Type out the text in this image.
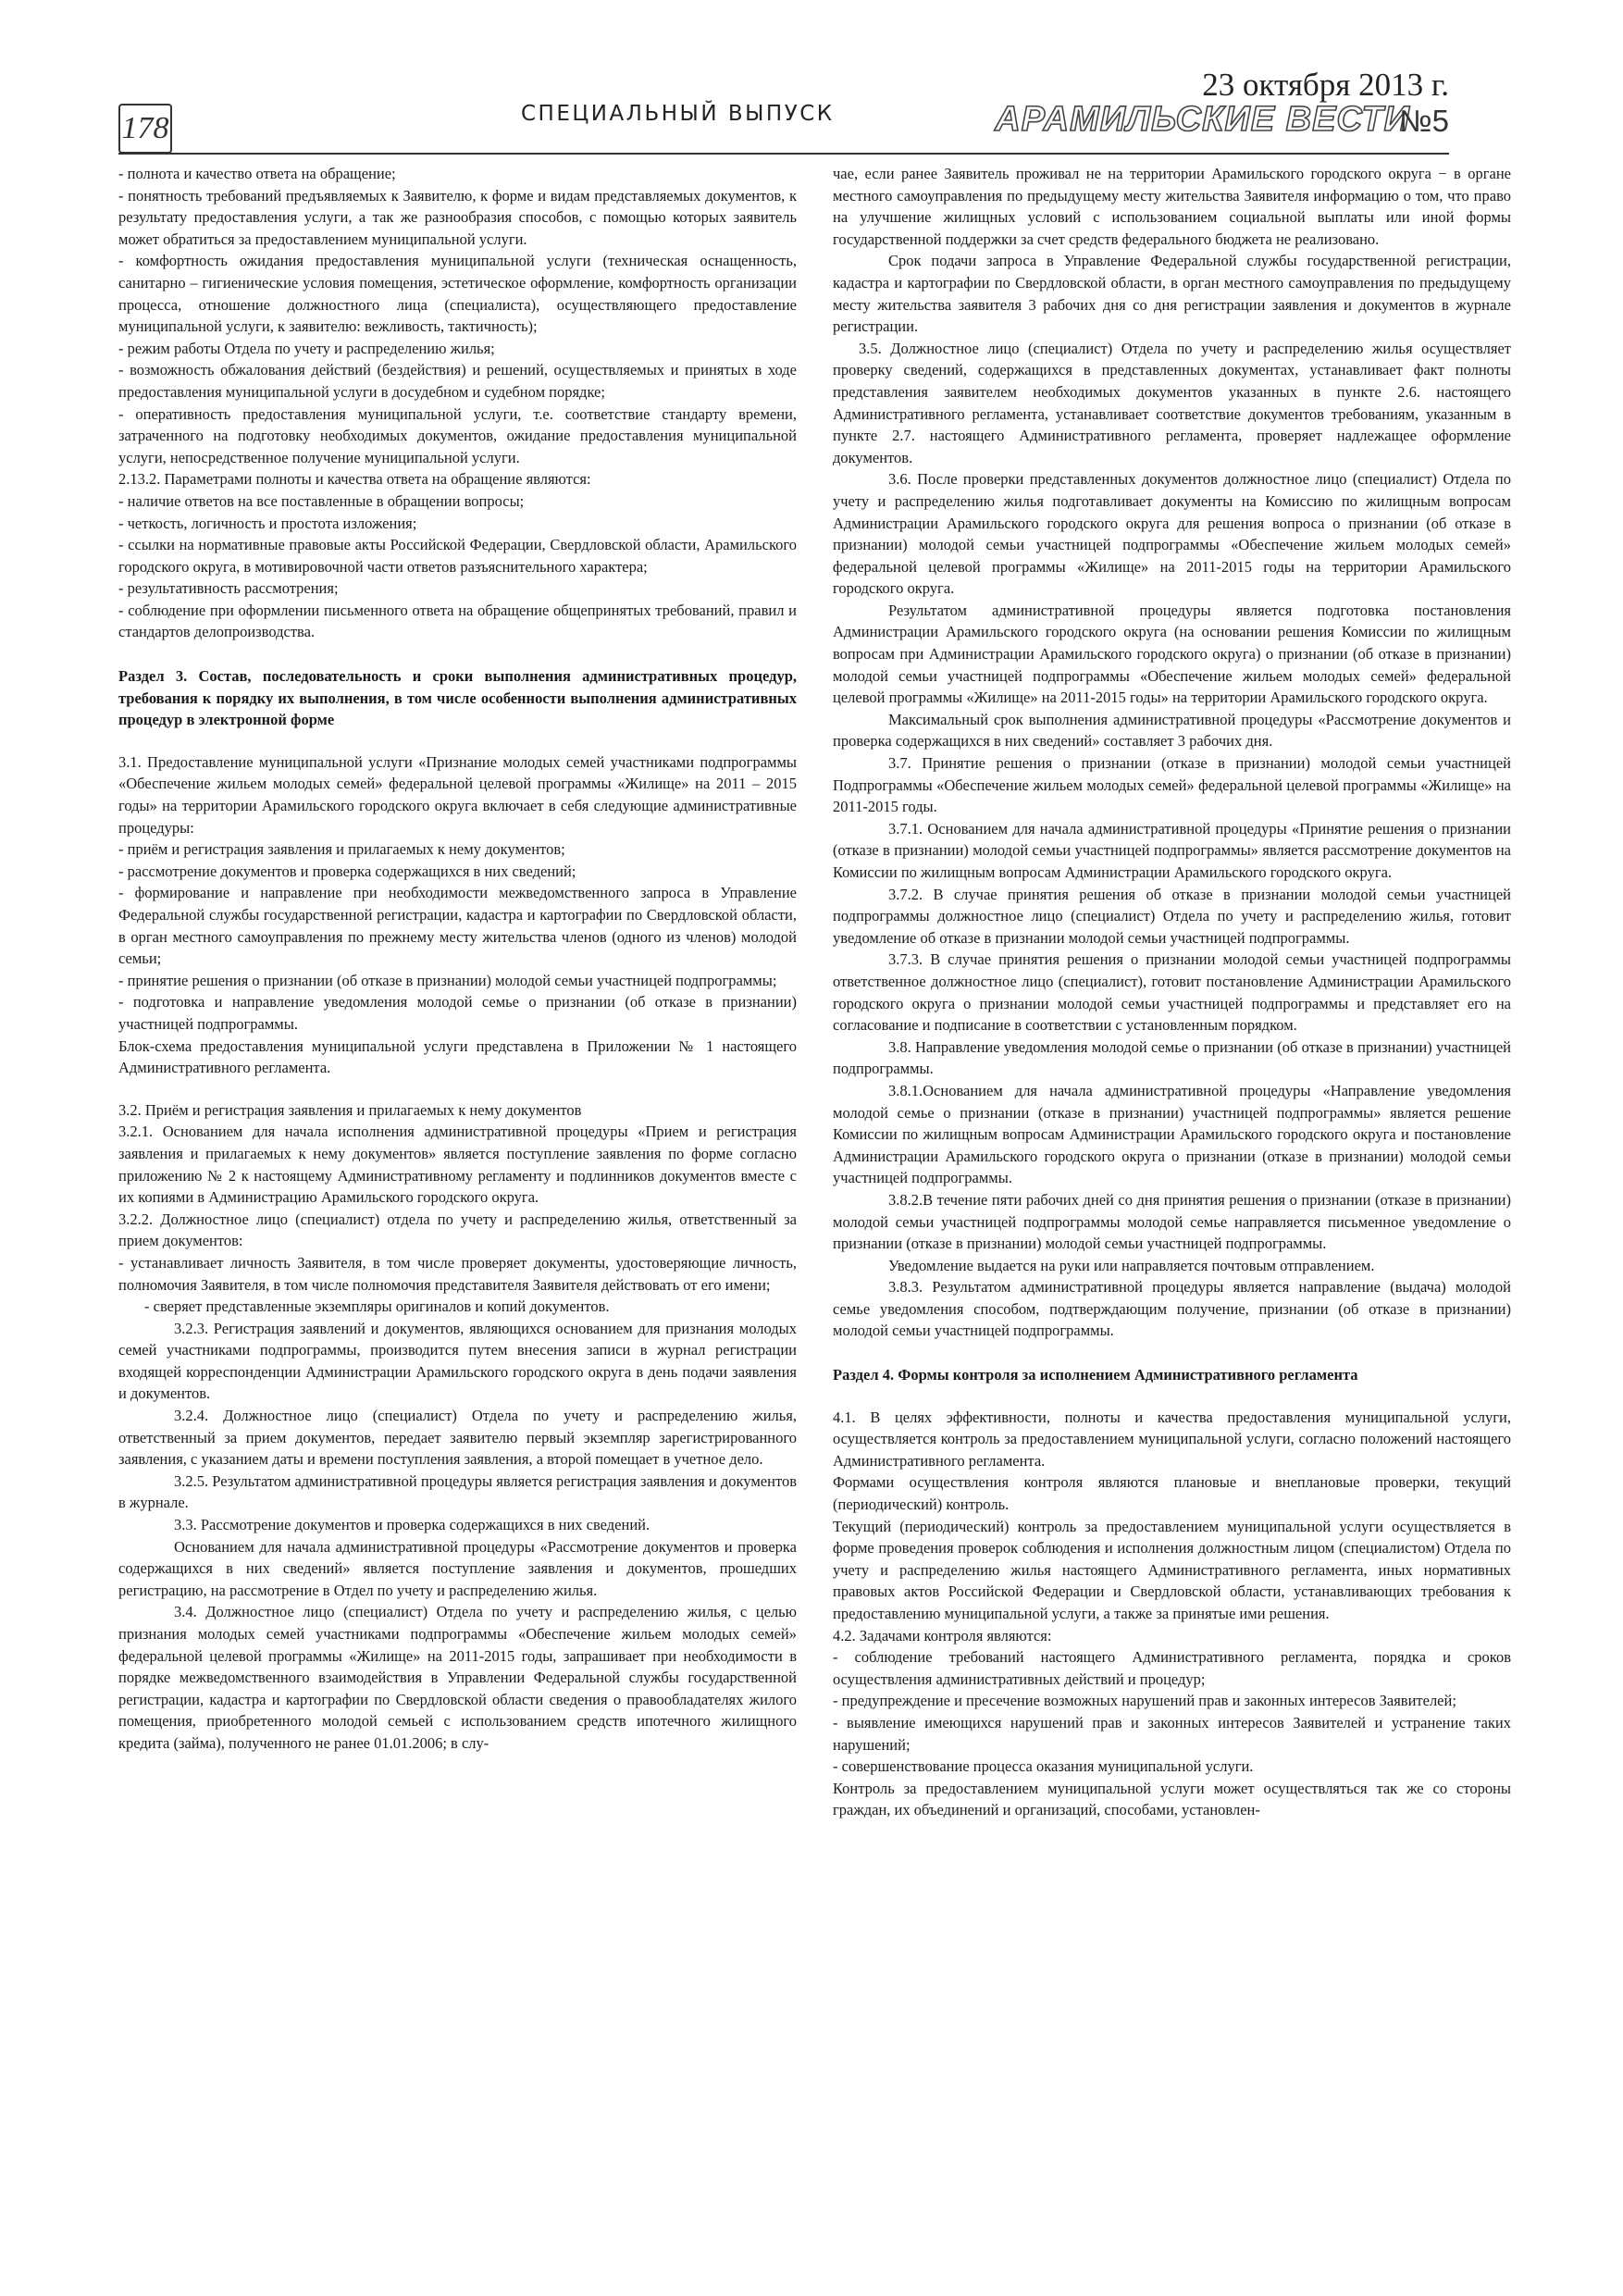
178	СПЕЦИАЛЬНЫЙ ВЫПУСК
23 октября 2013 г.
АРАМИЛЬСКИЕ ВЕСТИ
№5

- полнота и качество ответа на обращение;

- понятность требований предъявляемых к Заявителю, к форме и видам представляемых документов, к результату предоставления услуги, а так же разнообразия способов, с помощью которых заявитель может обратиться за предоставлением муниципальной услуги.

- комфортность ожидания предоставления муниципальной услуги (техническая оснащенность, санитарно – гигиенические условия помещения, эстетическое оформление, комфортность организации процесса, отношение должностного лица (специалиста), осуществляющего предоставление муниципальной услуги, к заявителю: вежливость, тактичность);

- режим работы Отдела по учету и распределению жилья;

- возможность обжалования действий (бездействия) и решений, осуществляемых и принятых в ходе предоставления муниципальной услуги в досудебном и судебном порядке;

- оперативность предоставления муниципальной услуги, т.е. соответствие стандарту времени, затраченного на подготовку необходимых документов, ожидание предоставления муниципальной услуги, непосредственное получение муниципальной услуги.

2.13.2. Параметрами полноты и качества ответа на обращение являются:

- наличие ответов на все поставленные в обращении вопросы;

- четкость, логичность и простота изложения;

- ссылки на нормативные правовые акты Российской Федерации, Свердловской области, Арамильского городского округа, в мотивировочной части ответов разъяснительного характера;

- результативность рассмотрения;

- соблюдение при оформлении письменного ответа на обращение общепринятых требований, правил и стандартов делопроизводства.

Раздел 3. Состав, последовательность и сроки выполнения административных процедур, требования к порядку их выполнения, в том числе особенности выполнения административных процедур в электронной форме

3.1. Предоставление муниципальной услуги «Признание молодых семей участниками подпрограммы «Обеспечение жильем молодых семей» федеральной целевой программы «Жилище» на 2011 – 2015 годы» на территории Арамильского городского округа включает в себя следующие административные процедуры:

- приём и регистрация заявления и прилагаемых к нему документов;

- рассмотрение документов и проверка содержащихся в них сведений;

- формирование и направление при необходимости межведомственного запроса в Управление Федеральной службы государственной регистрации, кадастра и картографии по Свердловской области, в орган местного самоуправления по прежнему месту жительства членов (одного из членов) молодой семьи;

- принятие решения о признании (об отказе в признании) молодой семьи участницей подпрограммы;

- подготовка и направление уведомления молодой семье о признании (об отказе в признании) участницей подпрограммы.

Блок-схема предоставления муниципальной услуги представлена в Приложении № 1 настоящего Административного регламента.

3.2. Приём и регистрация заявления и прилагаемых к нему документов

3.2.1. Основанием для начала исполнения административной процедуры «Прием и регистрация заявления и прилагаемых к нему документов» является поступление заявления по форме согласно приложению № 2 к настоящему Административному регламенту и подлинников документов вместе с их копиями в Администрацию Арамильского городского округа.

3.2.2. Должностное лицо (специалист) отдела по учету и распределению жилья, ответственный за прием документов:

- устанавливает личность Заявителя, в том числе проверяет документы, удостоверяющие личность, полномочия Заявителя, в том числе полномочия представителя Заявителя действовать от его имени;

- сверяет представленные экземпляры оригиналов и копий документов.

3.2.3. Регистрация заявлений и документов, являющихся основанием для признания молодых семей участниками подпрограммы, производится путем внесения записи в журнал регистрации входящей корреспонденции Администрации Арамильского городского округа в день подачи заявления и документов.

3.2.4. Должностное лицо (специалист) Отдела по учету и распределению жилья, ответственный за прием документов, передает заявителю первый экземпляр зарегистрированного заявления, с указанием даты и времени поступления заявления, а второй помещает в учетное дело.

3.2.5. Результатом административной процедуры является регистрация заявления и документов в журнале.

3.3. Рассмотрение документов и проверка содержащихся в них сведений.

Основанием для начала административной процедуры «Рассмотрение документов и проверка содержащихся в них сведений» является поступление заявления и документов, прошедших регистрацию, на рассмотрение в Отдел по учету и распределению жилья.

3.4. Должностное лицо (специалист) Отдела по учету и распределению жилья, с целью признания молодых семей участниками подпрограммы «Обеспечение жильем молодых семей» федеральной целевой программы «Жилище» на 2011-2015 годы, запрашивает при необходимости в порядке межведомственного взаимодействия в Управлении Федеральной службы государственной регистрации, кадастра и картографии по Свердловской области сведения о правообладателях жилого помещения, приобретенного молодой семьей с использованием средств ипотечного жилищного кредита (займа), полученного не ранее 01.01.2006; в слу-

чае, если ранее Заявитель проживал не на территории Арамильского городского округа − в органе местного самоуправления по предыдущему месту жительства Заявителя информацию о том, что право на улучшение жилищных условий с использованием социальной выплаты или иной формы государственной поддержки за счет средств федерального бюджета не реализовано.

Срок подачи запроса в Управление Федеральной службы государственной регистрации, кадастра и картографии по Свердловской области, в орган местного самоуправления по предыдущему месту жительства заявителя 3 рабочих дня со дня регистрации заявления и документов в журнале регистрации.

3.5. Должностное лицо (специалист) Отдела по учету и распределению жилья осуществляет проверку сведений, содержащихся в представленных документах, устанавливает факт полноты представления заявителем необходимых документов указанных в пункте 2.6. настоящего Административного регламента, устанавливает соответствие документов требованиям, указанным в пункте 2.7. настоящего Административного регламента, проверяет надлежащее оформление документов.

3.6. После проверки представленных документов должностное лицо (специалист) Отдела по учету и распределению жилья подготавливает документы на Комиссию по жилищным вопросам Администрации Арамильского городского округа для решения вопроса о признании (об отказе в признании) молодой семьи участницей подпрограммы «Обеспечение жильем молодых семей» федеральной целевой программы «Жилище» на 2011-2015 годы на территории Арамильского городского округа.

Результатом административной процедуры является подготовка постановления Администрации Арамильского городского округа (на основании решения Комиссии по жилищным вопросам при Администрации Арамильского городского округа) о признании (об отказе в признании) молодой семьи участницей подпрограммы «Обеспечение жильем молодых семей» федеральной целевой программы «Жилище» на 2011-2015 годы» на территории Арамильского городского округа.

Максимальный срок выполнения административной процедуры «Рассмотрение документов и проверка содержащихся в них сведений» составляет 3 рабочих дня.

3.7. Принятие решения о признании (отказе в признании) молодой семьи участницей Подпрограммы «Обеспечение жильем молодых семей» федеральной целевой программы «Жилище» на 2011-2015 годы.

3.7.1. Основанием для начала административной процедуры «Принятие решения о признании (отказе в признании) молодой семьи участницей подпрограммы» является рассмотрение документов на Комиссии по жилищным вопросам Администрации Арамильского городского округа.

3.7.2. В случае принятия решения об отказе в признании молодой семьи участницей подпрограммы должностное лицо (специалист) Отдела по учету и распределению жилья, готовит уведомление об отказе в признании молодой семьи участницей подпрограммы.

3.7.3. В случае принятия решения о признании молодой семьи участницей подпрограммы ответственное должностное лицо (специалист), готовит постановление Администрации Арамильского городского округа о признании молодой семьи участницей подпрограммы и представляет его на согласование и подписание в соответствии с установленным порядком.

3.8. Направление уведомления молодой семье о признании (об отказе в признании) участницей подпрограммы.

3.8.1.Основанием для начала административной процедуры «Направление уведомления молодой семье о признании (отказе в признании) участницей подпрограммы» является решение Комиссии по жилищным вопросам Администрации Арамильского городского округа и постановление Администрации Арамильского городского округа о признании (отказе в признании) молодой семьи участницей подпрограммы.

3.8.2.В течение пяти рабочих дней со дня принятия решения о признании (отказе в признании) молодой семьи участницей подпрограммы молодой семье направляется письменное уведомление о признании (отказе в признании) молодой семьи участницей подпрограммы.

Уведомление выдается на руки или направляется почтовым отправлением.

3.8.3. Результатом административной процедуры является направление (выдача) молодой семье уведомления способом, подтверждающим получение, признании (об отказе в признании) молодой семьи участницей подпрограммы.

Раздел 4. Формы контроля за исполнением Административного регламента

4.1. В целях эффективности, полноты и качества предоставления муниципальной услуги, осуществляется контроль за предоставлением муниципальной услуги, согласно положений настоящего Административного регламента.

Формами осуществления контроля являются плановые и внеплановые проверки, текущий (периодический) контроль.

Текущий (периодический) контроль за предоставлением муниципальной услуги осуществляется в форме проведения проверок соблюдения и исполнения должностным лицом (специалистом) Отдела по учету и распределению жилья настоящего Административного регламента, иных нормативных правовых актов Российской Федерации и Свердловской области, устанавливающих требования к предоставлению муниципальной услуги, а также за принятые ими решения.

4.2. Задачами контроля являются:

- соблюдение требований настоящего Административного регламента, порядка и сроков осуществления административных действий и процедур;

- предупреждение и пресечение возможных нарушений прав и законных интересов Заявителей;

- выявление имеющихся нарушений прав и законных интересов Заявителей и устранение таких нарушений;

- совершенствование процесса оказания муниципальной услуги.

Контроль за предоставлением муниципальной услуги может осуществляться так же со стороны граждан, их объединений и организаций, способами, установлен-
